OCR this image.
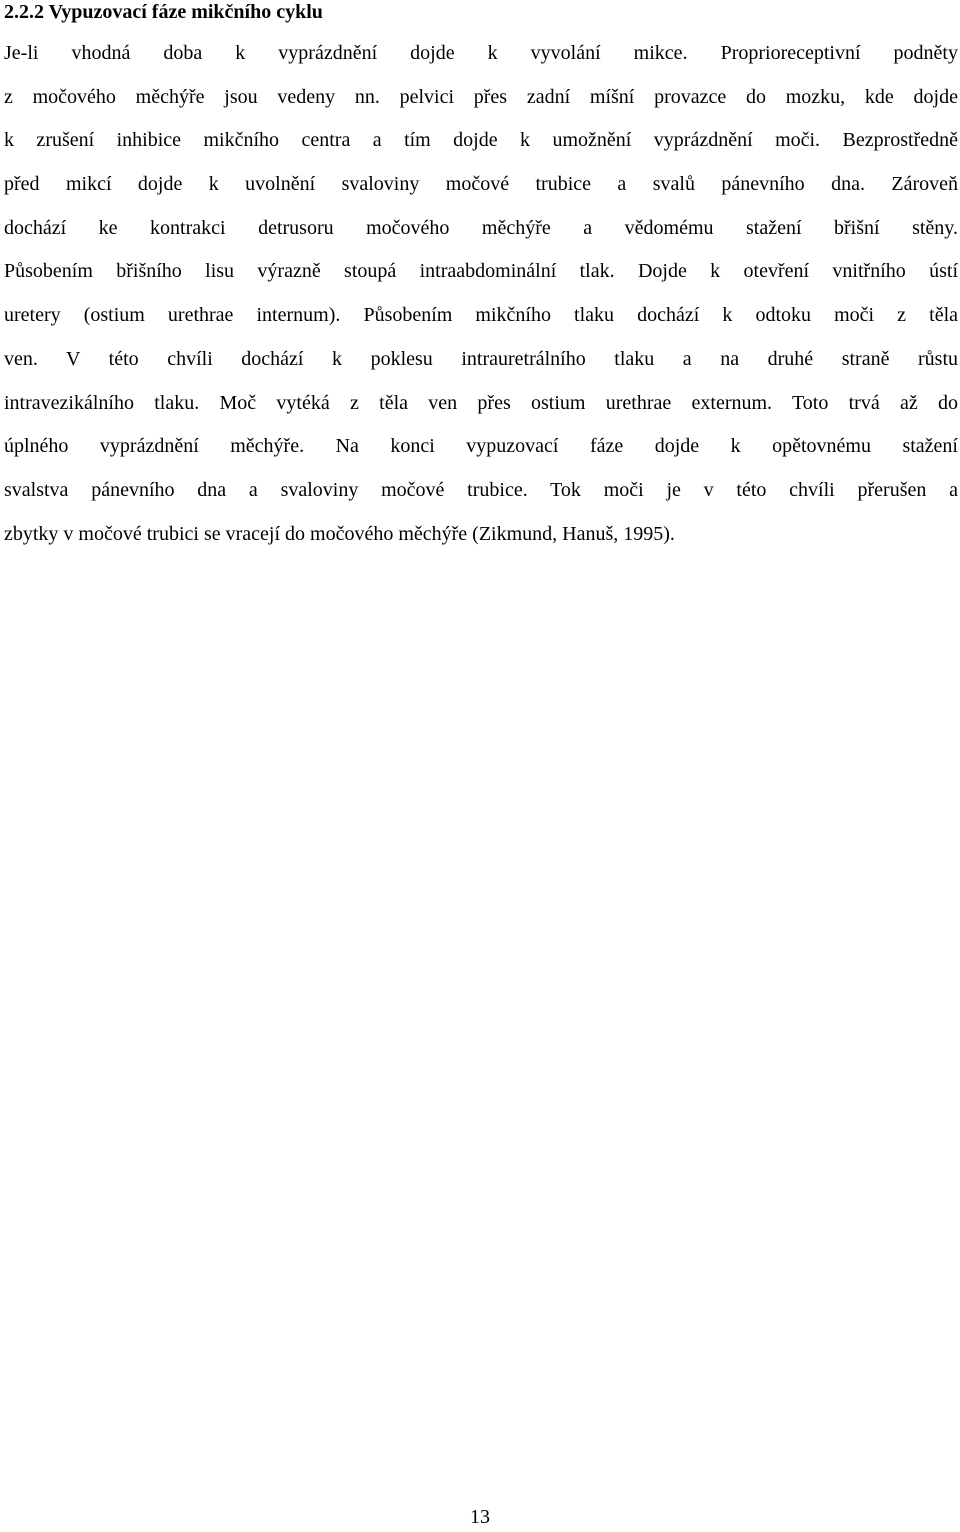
2.2.2 Vypuzovací fáze mikčního cyklu
Je-li vhodná doba k vyprázdnění dojde k vyvolání mikce. Proprioreceptivní podněty
z močového měchýře jsou vedeny nn. pelvici přes zadní míšní provazce do mozku, kde dojde
k zrušení inhibice mikčního centra a tím dojde k umožnění vyprázdnění moči. Bezprostředně
před mikcí dojde k uvolnění svaloviny močové trubice a svalů pánevního dna. Zároveň
dochází ke kontrakci detrusoru močového měchýře a vědomému stažení břišní stěny.
Působením břišního lisu výrazně stoupá intraabdominální tlak. Dojde k otevření vnitřního ústí
uretery (ostium urethrae internum). Působením mikčního tlaku dochází k odtoku moči z těla
ven. V této chvíli dochází k poklesu intrauretrálního tlaku a na druhé straně růstu
intravezikálního tlaku. Moč vytéká z těla ven přes ostium urethrae externum. Toto trvá až do
úplného vyprázdnění měchýře. Na konci vypuzovací fáze dojde k opětovnému stažení
svalstva pánevního dna a svaloviny močové trubice. Tok moči je v této chvíli přerušen a
zbytky v močové trubici se vracejí do močového měchýře (Zikmund, Hanuš, 1995).
13
